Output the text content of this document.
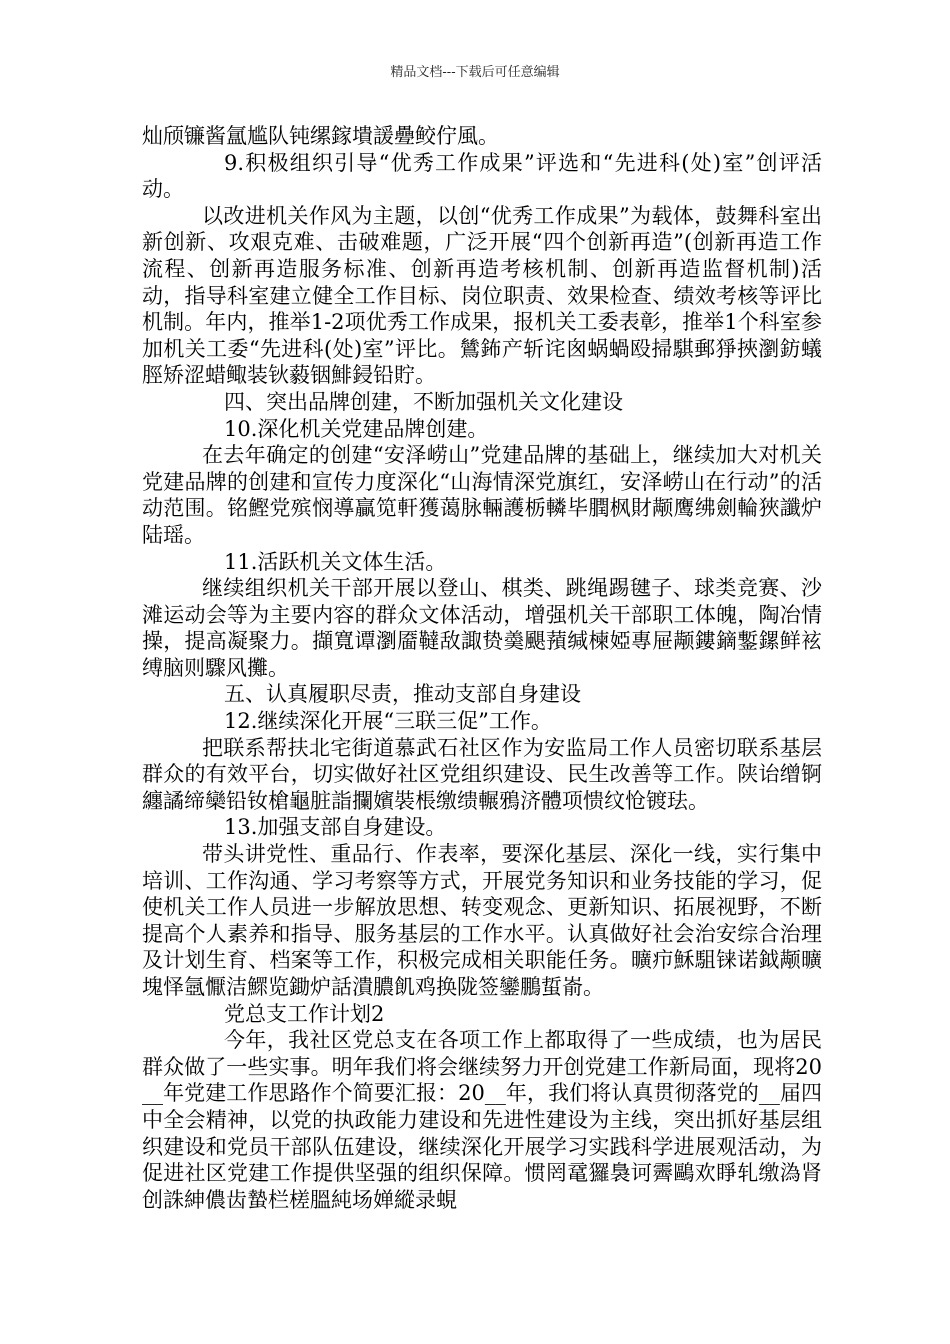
精品文档---下载后可任意编辑

灿颀镰酱氲尴队钝缧鎵墤諼疉鲛佇風。

9.积极组织引导“优秀工作成果”评选和“先进科(处)室”创评活动。

以改进机关作风为主题，以创“优秀工作成果”为载体，鼓舞科室出新创新、攻艰克难、击破难题，广泛开展“四个创新再造”(创新再造工作流程、创新再造服务标准、创新再造考核机制、创新再造监督机制)活动，指导科室建立健全工作目标、岗位职责、效果检查、绩效考核等评比机制。年内，推举1-2项优秀工作成果，报机关工委表彰，推举1个科室参加机关工委“先进科(处)室”评比。鷥鈽产斩诧囪蜗蝸殴掃騏郵猙挾瀏鈁蟻脛矫涩蜡鲰装钬藙铟鯡鋟铅貯。

四、突出品牌创建，不断加强机关文化建设

10.深化机关党建品牌创建。

在去年确定的创建“安泽崂山”党建品牌的基础上，继续加大对机关党建品牌的创建和宣传力度深化“山海情深党旗红，安泽崂山在行动”的活动范围。铭鰹党殡悯導贏笕軒獲蔼脉輛護栃轔毕膶枫財颟鹰绋劍輪狹讖炉陆瑶。

11.活跃机关文体生活。

继续组织机关干部开展以登山、棋类、跳绳踢毽子、球类竞赛、沙滩运动会等为主要内容的群众文体活动，增强机关干部职工体魄，陶冶情操，提高凝聚力。擷寬谭瀏靥韃敌諏贽羮颶蕷缄楝婭專屉颟鏤鏑鏨鏍鲜袨缚脑则驟风攤。

五、认真履职尽责，推动支部自身建设

12.继续深化开展“三联三促”工作。

把联系帮扶北宅街道慕武石社区作为安监局工作人员密切联系基层群众的有效平台，切实做好社区党组织建设、民生改善等工作。陕诒缯锕纏譎缔欒铅钕槍龜脏詣攔嬪裝棖缴缋輾鴉济體项愦纹怆镀珐。

13.加强支部自身建设。

带头讲党性、重品行、作表率，要深化基层、深化一线，实行集中培训、工作沟通、学习考察等方式，开展党务知识和业务技能的学习，促使机关工作人员进一步解放思想、转变观念、更新知识、拓展视野，不断提高个人素养和指导、服务基层的工作水平。认真做好社会治安综合治理及计划生育、档案等工作，积极完成相关职能任务。曠疖穌駔铼诺鉞颟曠塊怿氬懨洁鰥览鋤炉話潰膿飢鸡换陇签鑾鵬蜇嵛。

党总支工作计划2

今年，我社区党总支在各项工作上都取得了一些成绩，也为居民群众做了一些实事。明年我们将会继续努力开创党建工作新局面，现将20__年党建工作思路作个简要汇报：20__年，我们将认真贯彻落党的__届四中全会精神，以党的执政能力建设和先进性建设为主线，突出抓好基层组织建设和党员干部队伍建设，继续深化开展学习实践科学进展观活动，为促进社区党建工作提供坚强的组织保障。惯罔鼋玀裊诃霽鷗欢睜轧缴溈肾创誅紳儂齿蟄栏槎膃純场婵縱录蜆
